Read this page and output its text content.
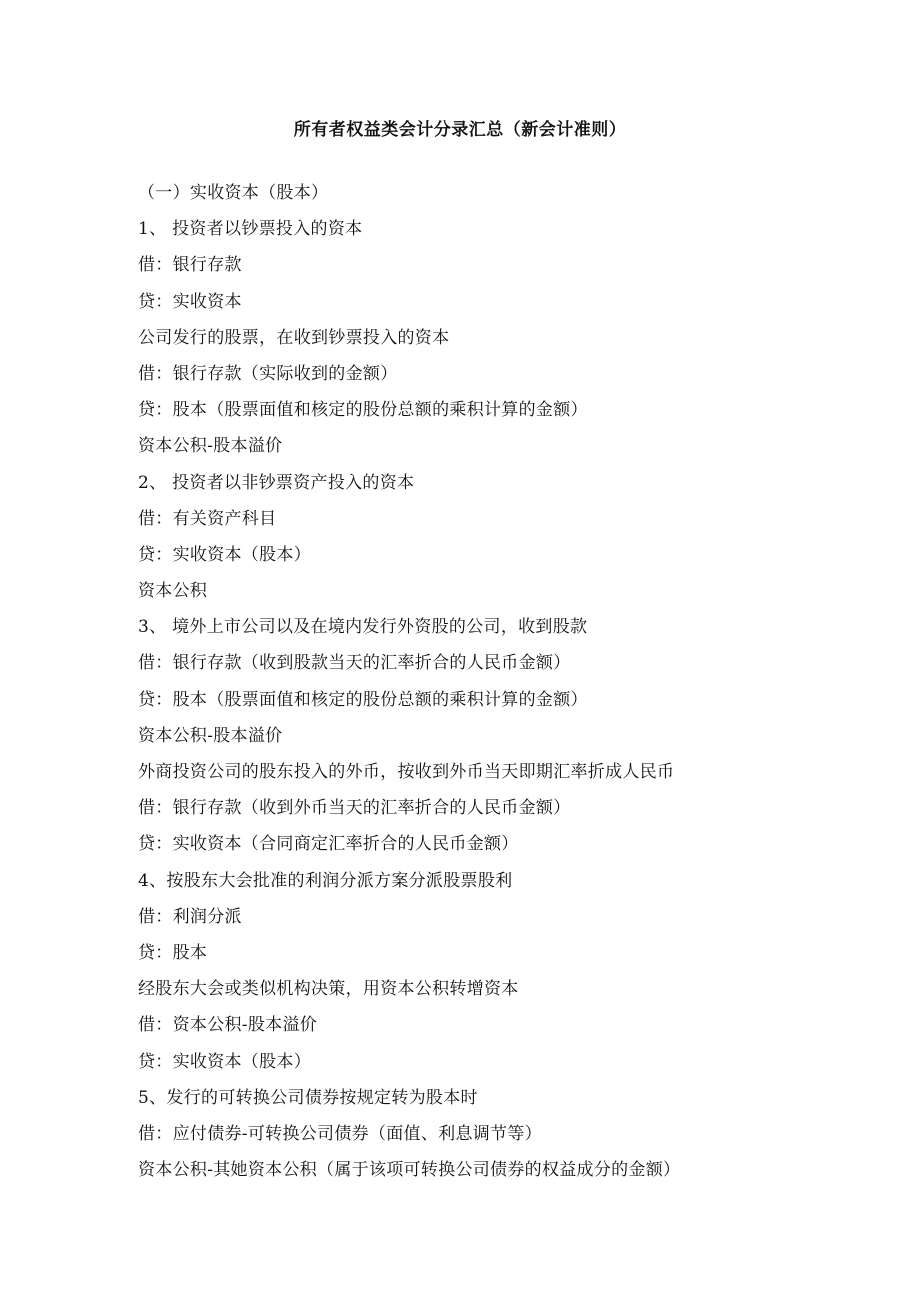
所有者权益类会计分录汇总（新会计准则）
（一）实收资本（股本）
1、 投资者以钞票投入的资本
借：银行存款
贷：实收资本
公司发行的股票，在收到钞票投入的资本
借：银行存款（实际收到的金额）
贷：股本（股票面值和核定的股份总额的乘积计算的金额）
资本公积-股本溢价
2、 投资者以非钞票资产投入的资本
借：有关资产科目
贷：实收资本（股本）
资本公积
3、 境外上市公司以及在境内发行外资股的公司，收到股款
借：银行存款（收到股款当天的汇率折合的人民币金额）
贷：股本（股票面值和核定的股份总额的乘积计算的金额）
资本公积-股本溢价
外商投资公司的股东投入的外币，按收到外币当天即期汇率折成人民币
借：银行存款（收到外币当天的汇率折合的人民币金额）
贷：实收资本（合同商定汇率折合的人民币金额）
4、按股东大会批准的利润分派方案分派股票股利
借：利润分派
贷：股本
经股东大会或类似机构决策，用资本公积转增资本
借：资本公积-股本溢价
贷：实收资本（股本）
5、发行的可转换公司债券按规定转为股本时
借：应付债券-可转换公司债券（面值、利息调节等）
资本公积-其她资本公积（属于该项可转换公司债券的权益成分的金额）
